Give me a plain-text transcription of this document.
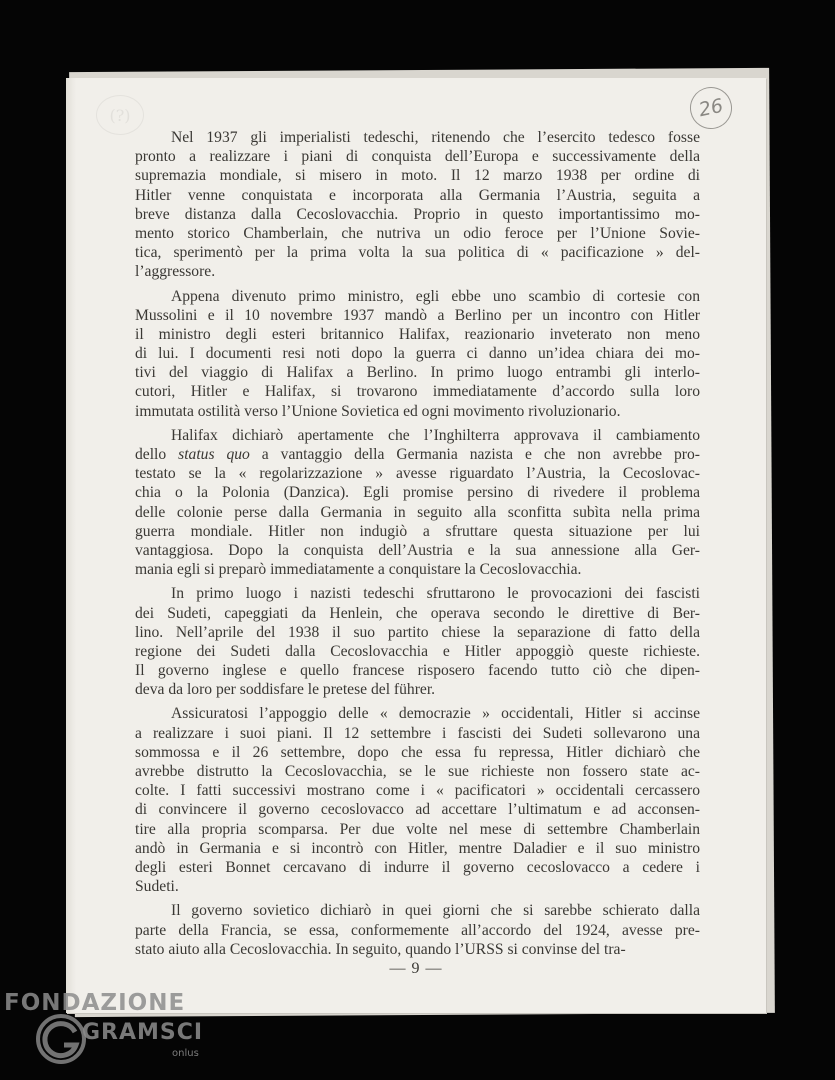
(?)	26
Nel 1937 gli imperialisti tedeschi, ritenendo che l’esercito tedesco fosse
pronto a realizzare i piani di conquista dell’Europa e successivamente della
supremazia mondiale, si misero in moto. Il 12 marzo 1938 per ordine di
Hitler venne conquistata e incorporata alla Germania l’Austria, seguita a
breve distanza dalla Cecoslovacchia. Proprio in questo importantissimo mo-
mento storico Chamberlain, che nutriva un odio feroce per l’Unione Sovie-
tica, sperimentò per la prima volta la sua politica di « pacificazione » del-
l’aggressore.
Appena divenuto primo ministro, egli ebbe uno scambio di cortesie con
Mussolini e il 10 novembre 1937 mandò a Berlino per un incontro con Hitler
il ministro degli esteri britannico Halifax, reazionario inveterato non meno
di lui. I documenti resi noti dopo la guerra ci danno un’idea chiara dei mo-
tivi del viaggio di Halifax a Berlino. In primo luogo entrambi gli interlo-
cutori, Hitler e Halifax, si trovarono immediatamente d’accordo sulla loro
immutata ostilità verso l’Unione Sovietica ed ogni movimento rivoluzionario.
Halifax dichiarò apertamente che l’Inghilterra approvava il cambiamento
dello status quo a vantaggio della Germania nazista e che non avrebbe pro-
testato se la « regolarizzazione » avesse riguardato l’Austria, la Cecoslovac-
chia o la Polonia (Danzica). Egli promise persino di rivedere il problema
delle colonie perse dalla Germania in seguito alla sconfitta subìta nella prima
guerra mondiale. Hitler non indugiò a sfruttare questa situazione per lui
vantaggiosa. Dopo la conquista dell’Austria e la sua annessione alla Ger-
mania egli si preparò immediatamente a conquistare la Cecoslovacchia.
In primo luogo i nazisti tedeschi sfruttarono le provocazioni dei fascisti
dei Sudeti, capeggiati da Henlein, che operava secondo le direttive di Ber-
lino. Nell’aprile del 1938 il suo partito chiese la separazione di fatto della
regione dei Sudeti dalla Cecoslovacchia e Hitler appoggiò queste richieste.
Il governo inglese e quello francese risposero facendo tutto ciò che dipen-
deva da loro per soddisfare le pretese del führer.
Assicuratosi l’appoggio delle « democrazie » occidentali, Hitler si accinse
a realizzare i suoi piani. Il 12 settembre i fascisti dei Sudeti sollevarono una
sommossa e il 26 settembre, dopo che essa fu repressa, Hitler dichiarò che
avrebbe distrutto la Cecoslovacchia, se le sue richieste non fossero state ac-
colte. I fatti successivi mostrano come i « pacificatori » occidentali cercassero
di convincere il governo cecoslovacco ad accettare l’ultimatum e ad acconsen-
tire alla propria scomparsa. Per due volte nel mese di settembre Chamberlain
andò in Germania e si incontrò con Hitler, mentre Daladier e il suo ministro
degli esteri Bonnet cercavano di indurre il governo cecoslovacco a cedere i
Sudeti.
Il governo sovietico dichiarò in quei giorni che si sarebbe schierato dalla
parte della Francia, se essa, conformemente all’accordo del 1924, avesse pre-
stato aiuto alla Cecoslovacchia. In seguito, quando l’URSS si convinse del tra-
— 9 —
FONDAZIONE
GRAMSCI
onlus
